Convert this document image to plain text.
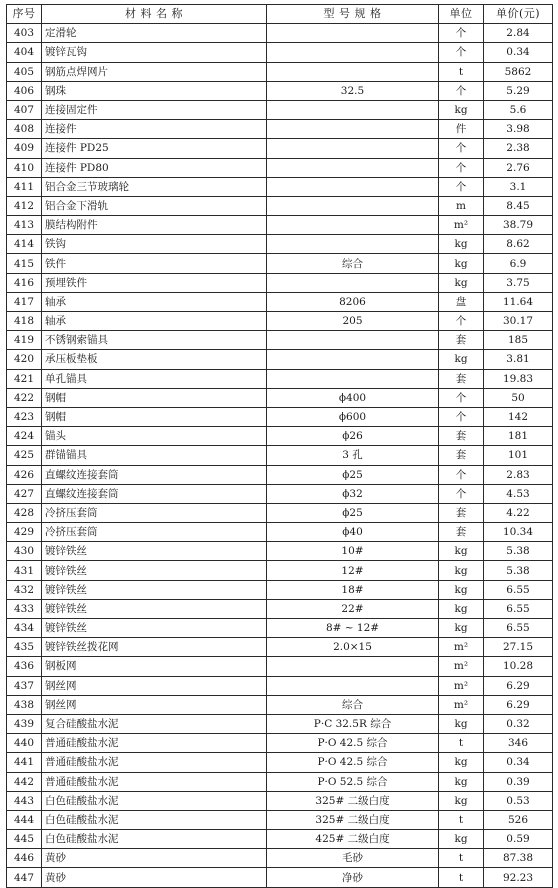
序号	材 料 名 称	型 号 规 格	单位	单价(元)
403	定滑轮		个	2.84
404	镀锌瓦钩		个	0.34
405	钢筋点焊网片		t	5862
406	钢珠	32.5	个	5.29
407	连接固定件		kg	5.6
408	连接件		件	3.98
409	连接件 PD25		个	2.38
410	连接件 PD80		个	2.76
411	铝合金三节玻璃轮		个	3.1
412	铝合金下滑轨		m	8.45
413	膜结构附件		m²	38.79
414	铁钩		kg	8.62
415	铁件	综合	kg	6.9
416	预埋铁件		kg	3.75
417	轴承	8206	盘	11.64
418	轴承	205	个	30.17
419	不锈钢索锚具		套	185
420	承压板垫板		kg	3.81
421	单孔锚具		套	19.83
422	钢帽	ϕ400	个	50
423	钢帽	ϕ600	个	142
424	锚头	ϕ26	套	181
425	群锚锚具	3 孔	套	101
426	直螺纹连接套筒	ϕ25	个	2.83
427	直螺纹连接套筒	ϕ32	个	4.53
428	冷挤压套筒	ϕ25	套	4.22
429	冷挤压套筒	ϕ40	套	10.34
430	镀锌铁丝	10#	kg	5.38
431	镀锌铁丝	12#	kg	5.38
432	镀锌铁丝	18#	kg	6.55
433	镀锌铁丝	22#	kg	6.55
434	镀锌铁丝	8# ~ 12#	kg	6.55
435	镀锌铁丝拨花网	2.0×15	m²	27.15
436	钢板网		m²	10.28
437	钢丝网		m²	6.29
438	钢丝网	综合	m²	6.29
439	复合硅酸盐水泥	P·C 32.5R 综合	kg	0.32
440	普通硅酸盐水泥	P·O 42.5 综合	t	346
441	普通硅酸盐水泥	P·O 42.5 综合	kg	0.34
442	普通硅酸盐水泥	P·O 52.5 综合	kg	0.39
443	白色硅酸盐水泥	325# 二级白度	kg	0.53
444	白色硅酸盐水泥	325# 二级白度	t	526
445	白色硅酸盐水泥	425# 二级白度	kg	0.59
446	黄砂	毛砂	t	87.38
447	黄砂	净砂	t	92.23
